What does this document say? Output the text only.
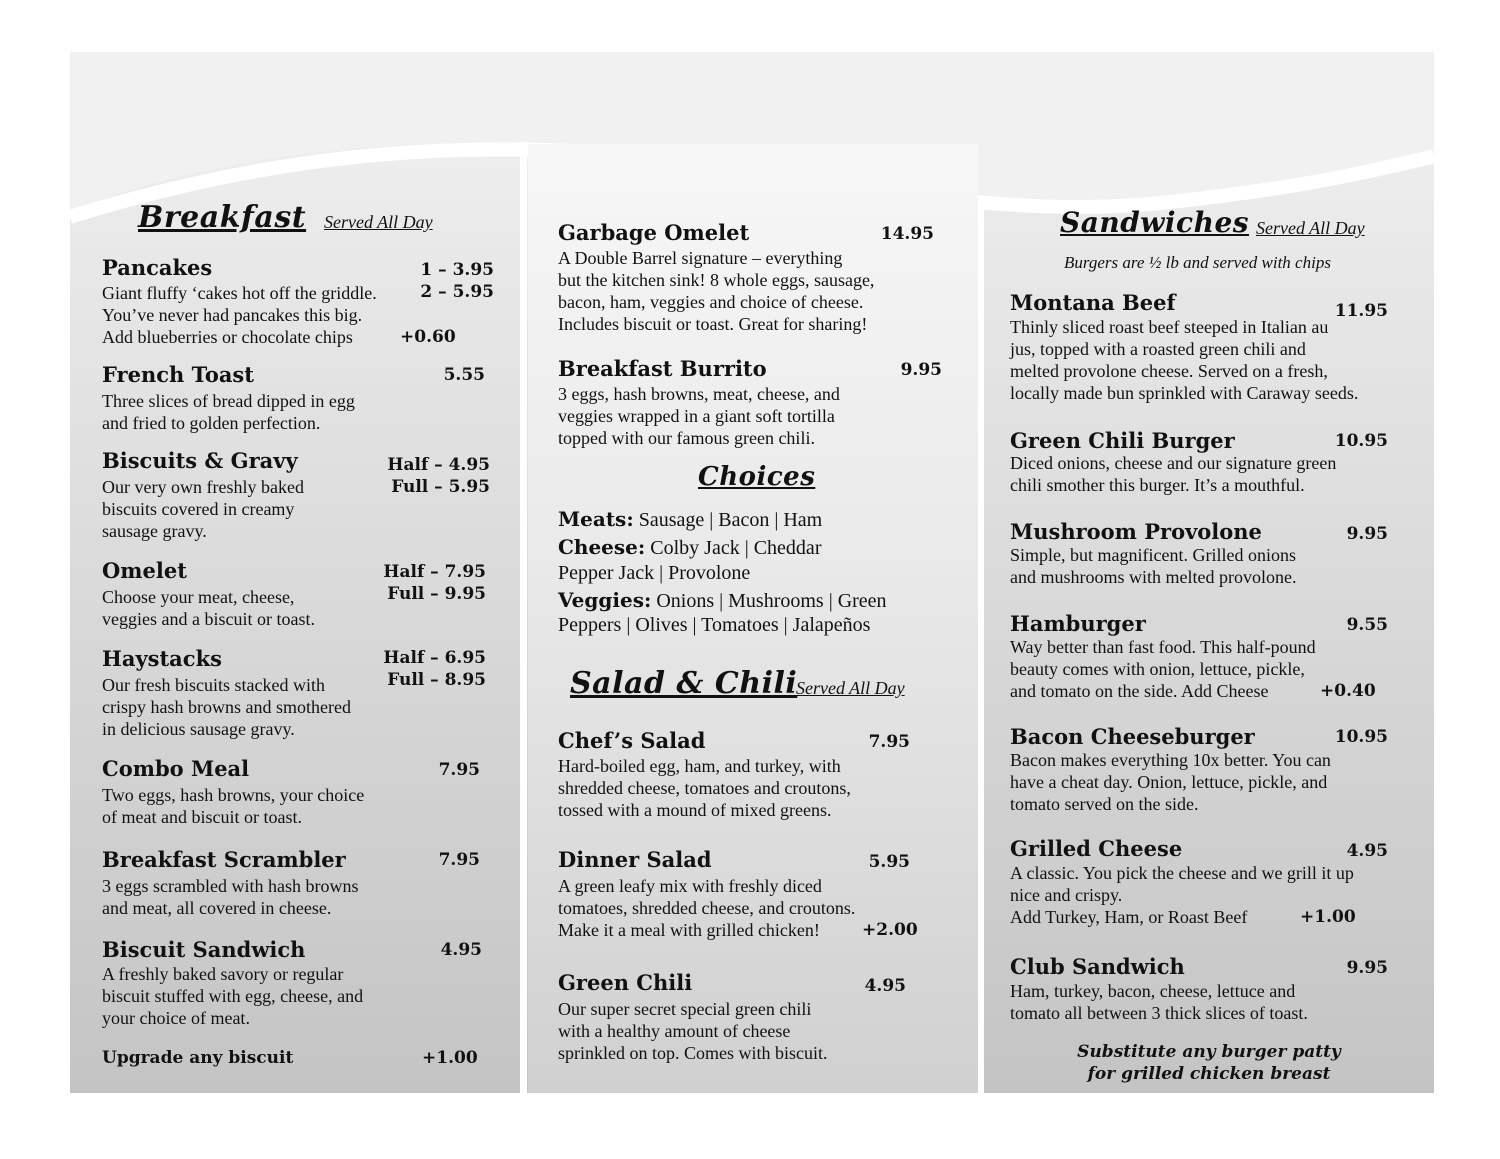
Breakfast Served All Day
Pancakes	1 – 3.95
2 – 5.95
Giant fluffy ‘cakes hot off the griddle.
You’ve never had pancakes this big.
Add blueberries or chocolate chips	+0.60
French Toast	5.55
Three slices of bread dipped in egg
and fried to golden perfection.
Biscuits & Gravy	Half – 4.95
Full – 5.95
Our very own freshly baked
biscuits covered in creamy
sausage gravy.
Omelet	Half – 7.95
Full – 9.95
Choose your meat, cheese,
veggies and a biscuit or toast.
Haystacks	Half – 6.95
Full – 8.95
Our fresh biscuits stacked with
crispy hash browns and smothered
in delicious sausage gravy.
Combo Meal	7.95
Two eggs, hash browns, your choice
of meat and biscuit or toast.
Breakfast Scrambler	7.95
3 eggs scrambled with hash browns
and meat, all covered in cheese.
Biscuit Sandwich	4.95
A freshly baked savory or regular
biscuit stuffed with egg, cheese, and
your choice of meat.
Upgrade any biscuit	+1.00
Garbage Omelet	14.95
A Double Barrel signature – everything
but the kitchen sink! 8 whole eggs, sausage,
bacon, ham, veggies and choice of cheese.
Includes biscuit or toast. Great for sharing!
Breakfast Burrito	9.95
3 eggs, hash browns, meat, cheese, and
veggies wrapped in a giant soft tortilla
topped with our famous green chili.
Choices
Meats: Sausage | Bacon | Ham
Cheese: Colby Jack | Cheddar
Pepper Jack | Provolone
Veggies: Onions | Mushrooms | Green
Peppers | Olives | Tomatoes | Jalapeños
Salad & Chili
Served All Day
Chef’s Salad	7.95
Hard-boiled egg, ham, and turkey, with
shredded cheese, tomatoes and croutons,
tossed with a mound of mixed greens.
Dinner Salad	5.95
A green leafy mix with freshly diced
tomatoes, shredded cheese, and croutons.
Make it a meal with grilled chicken! +2.00
Green Chili	4.95
Our super secret special green chili
with a healthy amount of cheese
sprinkled on top. Comes with biscuit.
Sandwiches Served All Day
Burgers are ½ lb and served with chips
Montana Beef	11.95
Thinly sliced roast beef steeped in Italian au
jus, topped with a roasted green chili and
melted provolone cheese. Served on a fresh,
locally made bun sprinkled with Caraway seeds.
Green Chili Burger	10.95
Diced onions, cheese and our signature green
chili smother this burger. It’s a mouthful.
Mushroom Provolone	9.95
Simple, but magnificent. Grilled onions
and mushrooms with melted provolone.
Hamburger	9.55
Way better than fast food. This half-pound
beauty comes with onion, lettuce, pickle,
and tomato on the side. Add Cheese	+0.40
Bacon Cheeseburger	10.95
Bacon makes everything 10x better. You can
have a cheat day. Onion, lettuce, pickle, and
tomato served on the side.
Grilled Cheese	4.95
A classic. You pick the cheese and we grill it up
nice and crispy.
Add Turkey, Ham, or Roast Beef	+1.00
Club Sandwich	9.95
Ham, turkey, bacon, cheese, lettuce and
tomato all between 3 thick slices of toast.
Substitute any burger patty
for grilled chicken breast
